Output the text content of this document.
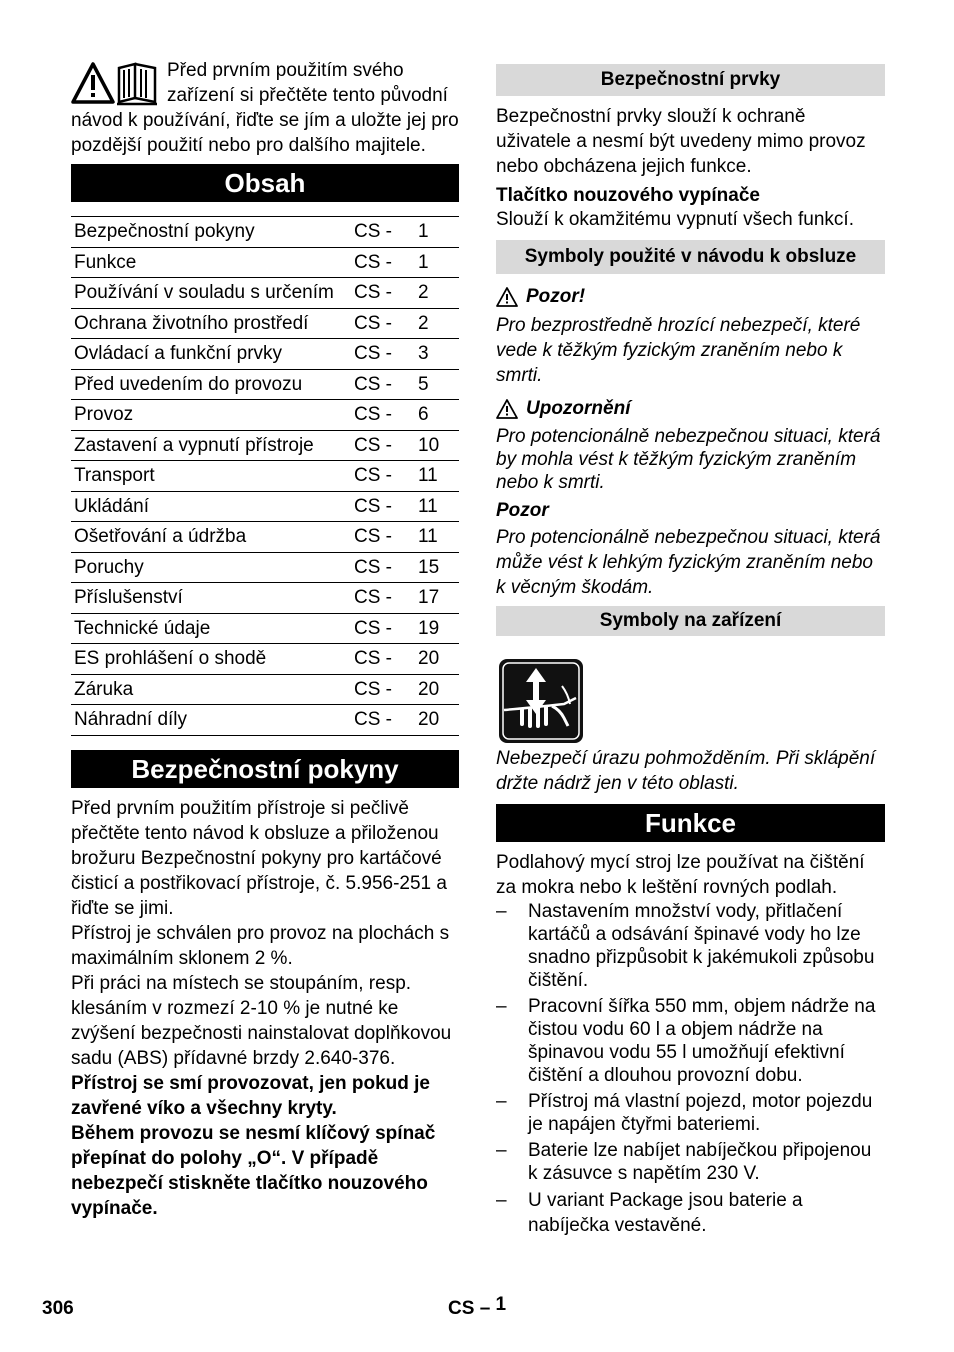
Před prvním použitím svého zařízení si přečtěte tento původní návod k používání, řiďte se jím a uložte jej pro pozdější použití nebo pro dalšího majitele.

Obsah
Bezpečnostní pokyny	CS -	1
Funkce	CS -	1
Používání v souladu s určením	CS -	2
Ochrana životního prostředí	CS -	2
Ovládací a funkční prvky	CS -	3
Před uvedením do provozu	CS -	5
Provoz	CS -	6
Zastavení a vypnutí přístroje	CS -	10
Transport	CS -	11
Ukládání	CS -	11
Ošetřování a údržba	CS -	11
Poruchy	CS -	15
Příslušenství	CS -	17
Technické údaje	CS -	19
ES prohlášení o shodě	CS -	20
Záruka	CS -	20
Náhradní díly	CS -	20
Bezpečnostní pokyny

Před prvním použitím přístroje si pečlivě přečtěte tento návod k obsluze a přiloženou brožuru Bezpečnostní pokyny pro kartáčové čisticí a postřikovací přístroje, č. 5.956-251 a řiďte se jimi.

Přístroj je schválen pro provoz na plochách s maximálním sklonem 2 %.

Při práci na místech se stoupáním, resp. klesáním v rozmezí 2-10 % je nutné ke zvýšení bezpečnosti nainstalovat doplňkovou sadu (ABS) přídavné brzdy 2.640-376.

Přístroj se smí provozovat, jen pokud je zavřené víko a všechny kryty.

Během provozu se nesmí klíčový spínač přepínat do polohy „O“. V případě nebezpečí stiskněte tlačítko nouzového vypínače.

Bezpečnostní prvky

Bezpečnostní prvky slouží k ochraně uživatele a nesmí být uvedeny mimo provoz nebo obcházena jejich funkce.

Tlačítko nouzového vypínače

Slouží k okamžitému vypnutí všech funkcí.

Symboly použité v návodu k obsluze
Pozor!

Pro bezprostředně hrozící nebezpečí, které vede k těžkým fyzickým zraněním nebo k smrti.

Upozornění

Pro potencionálně nebezpečnou situaci, která by mohla vést k těžkým fyzickým zraněním nebo k smrti.

Pozor

Pro potencionálně nebezpečnou situaci, která může vést k lehkým fyzickým zraněním nebo k věcným škodám.

Symboly na zařízení

Nebezpečí úrazu pohmožděním. Při sklápění držte nádrž jen v této oblasti.

Funkce

Podlahový mycí stroj lze používat na čištění za mokra nebo k leštění rovných podlah.

– Nastavením množství vody, přitlačení kartáčů a odsávání špinavé vody ho lze snadno přizpůsobit k jakémukoli způsobu čištění.
– Pracovní šířka 550 mm, objem nádrže na čistou vodu 60 l a objem nádrže na špinavou vodu 55 l umožňují efektivní čištění a dlouhou provozní dobu.
– Přístroj má vlastní pojezd, motor pojezdu je napájen čtyřmi bateriemi.
– Baterie lze nabíjet nabíječkou připojenou k zásuvce s napětím 230 V.
– U variant Package jsou baterie a nabíječka vestavěné.
306	CS – 1
